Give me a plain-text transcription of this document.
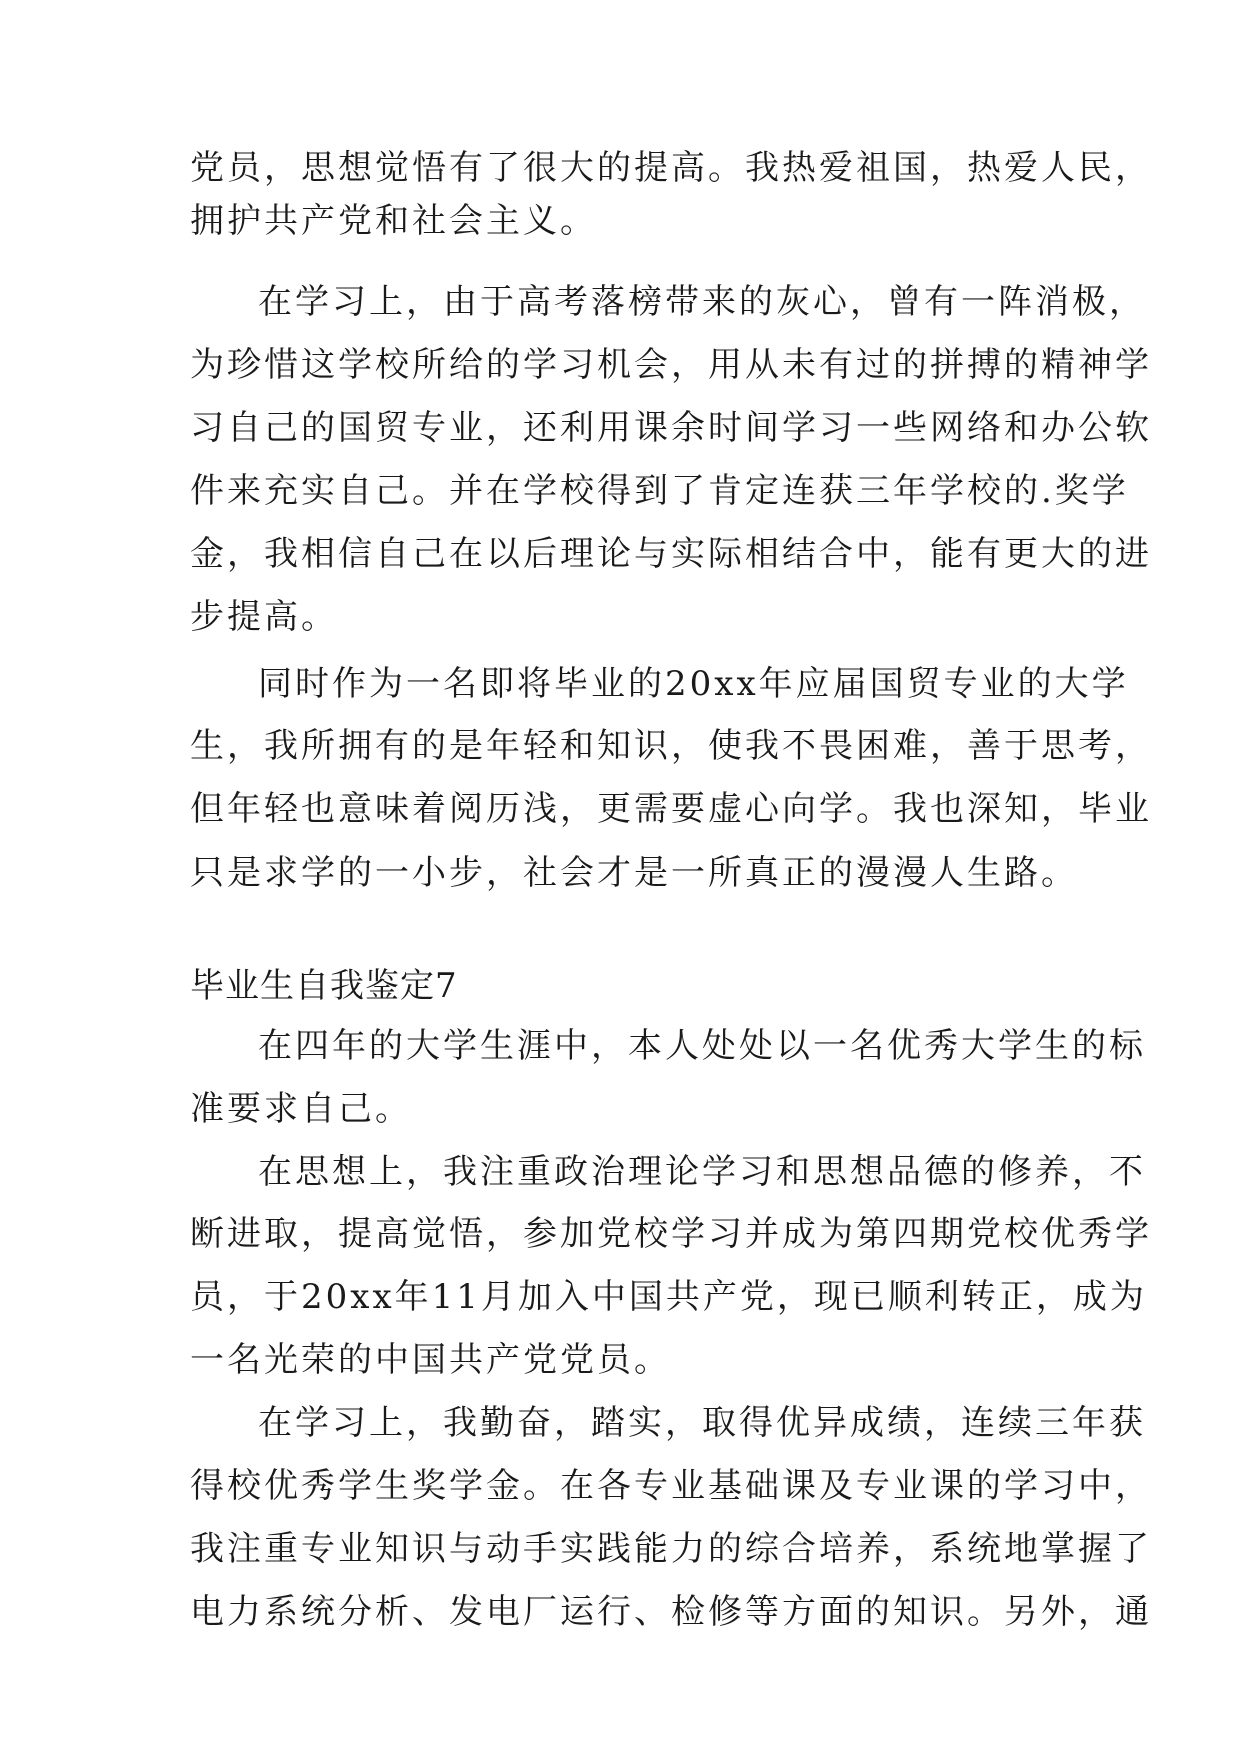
党员，思想觉悟有了很大的提高。我热爱祖国，热爱人民，
拥护共产党和社会主义。
在学习上，由于高考落榜带来的灰心，曾有一阵消极，
为珍惜这学校所给的学习机会，用从未有过的拼搏的精神学
习自己的国贸专业，还利用课余时间学习一些网络和办公软
件来充实自己。并在学校得到了肯定连获三年学校的.奖学
金，我相信自己在以后理论与实际相结合中，能有更大的进
步提高。
同时作为一名即将毕业的20xx年应届国贸专业的大学
生，我所拥有的是年轻和知识，使我不畏困难，善于思考，
但年轻也意味着阅历浅，更需要虚心向学。我也深知，毕业
只是求学的一小步，社会才是一所真正的漫漫人生路。
毕业生自我鉴定7
在四年的大学生涯中，本人处处以一名优秀大学生的标
准要求自己。
在思想上，我注重政治理论学习和思想品德的修养，不
断进取，提高觉悟，参加党校学习并成为第四期党校优秀学
员，于20xx年11月加入中国共产党，现已顺利转正，成为
一名光荣的中国共产党党员。
在学习上，我勤奋，踏实，取得优异成绩，连续三年获
得校优秀学生奖学金。在各专业基础课及专业课的学习中，
我注重专业知识与动手实践能力的综合培养，系统地掌握了
电力系统分析、发电厂运行、检修等方面的知识。另外，通
